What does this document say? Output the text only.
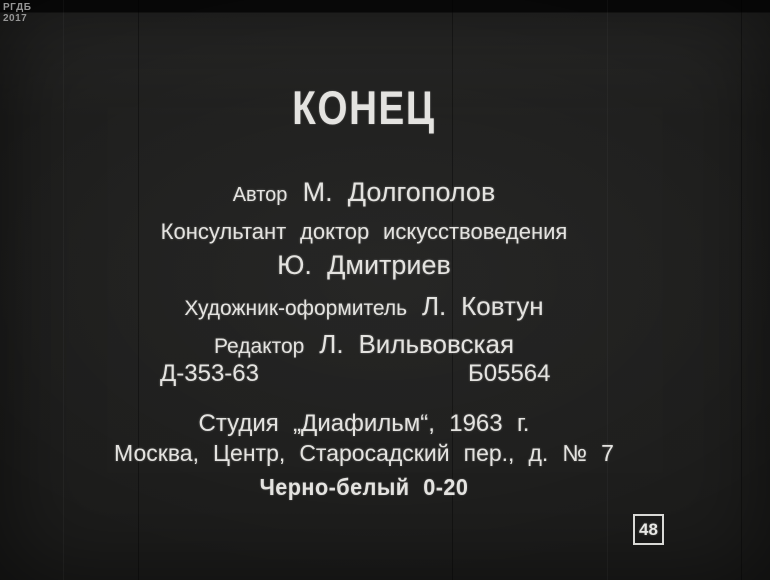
РГДБ
2017
КОНЕЦ
Автор М. Долгополов
Консультант доктор искусствоведения
Ю. Дмитриев
Художник-оформитель Л. Ковтун
Редактор Л. Вильвовская
Д-353-63	Б05564
Студия „Диафильм“, 1963 г.
Москва, Центр, Старосадский пер., д. № 7
Черно-белый 0-20
48
